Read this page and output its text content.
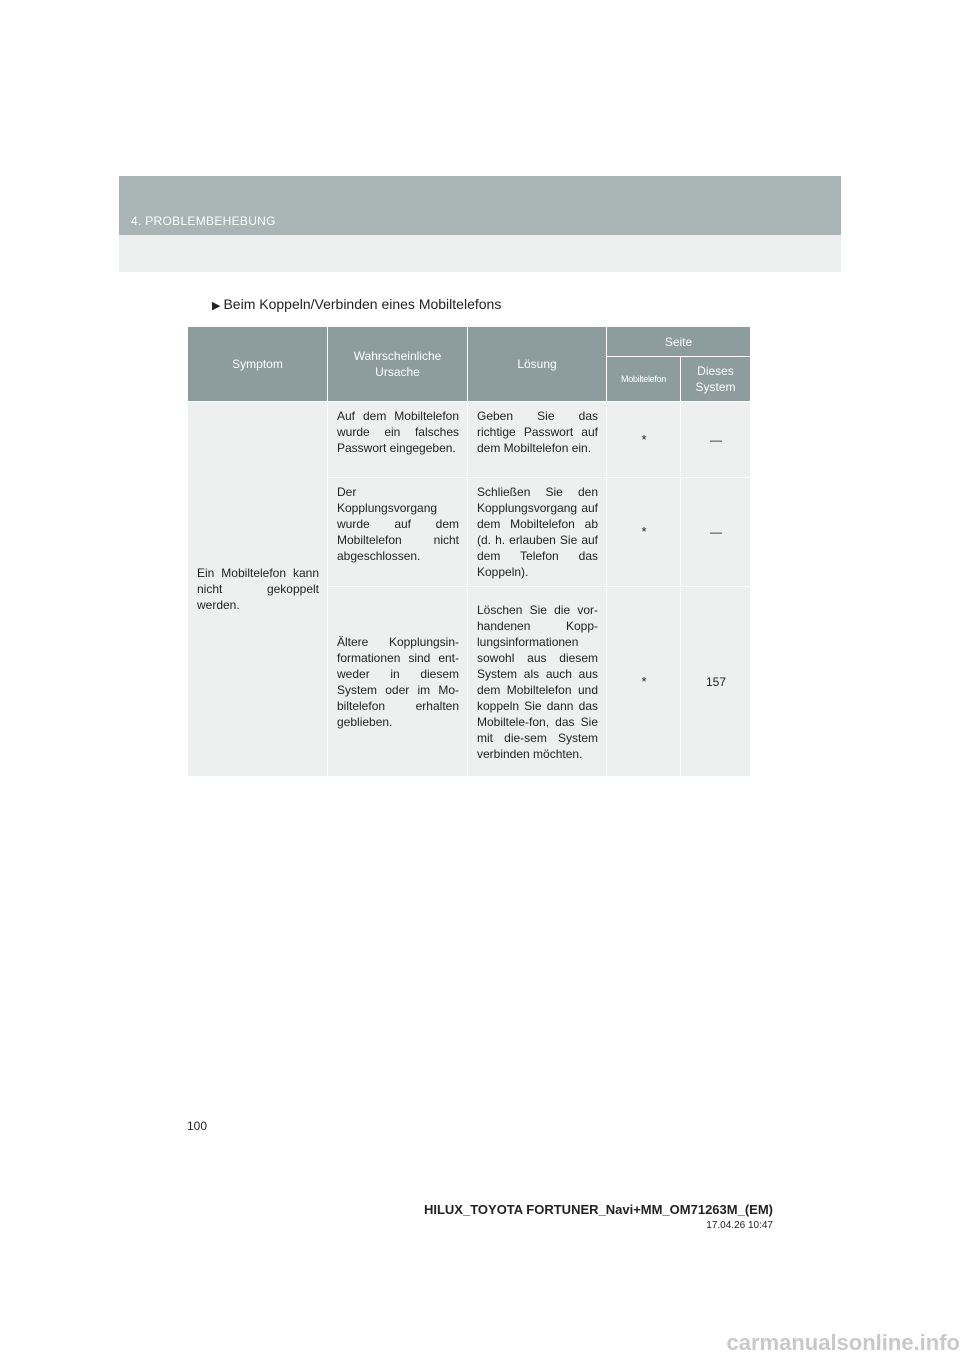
4. PROBLEMBEHEBUNG
▶ Beim Koppeln/Verbinden eines Mobiltelefons
Symptom	Wahrscheinliche Ursache	Lösung	Seite	
			Mobiltelefon	Dieses System
Ein Mobiltelefon kann nicht gekoppelt werden.	Auf dem Mobiltelefon wurde ein falsches Passwort eingegeben.	Geben Sie das richtige Passwort auf dem Mobiltelefon ein.	*	—
	Der Kopplungsvorgang wurde auf dem Mobiltelefon nicht abgeschlossen.	Schließen Sie den Kopplungsvorgang auf dem Mobiltelefon ab (d. h. erlauben Sie auf dem Telefon das Koppeln).	*	—
	Ältere Kopplungsin-formationen sind ent-weder in diesem System oder im Mo-biltelefon erhalten geblieben.	Löschen Sie die vor-handenen Kopp-lungsinformationen sowohl aus diesem System als auch aus dem Mobiltelefon und koppeln Sie dann das Mobiltele-fon, das Sie mit die-sem System verbinden möchten.	*	157
100
HILUX_TOYOTA FORTUNER_Navi+MM_OM71263M_(EM)
17.04.26 10:47
carmanualsonline.info
